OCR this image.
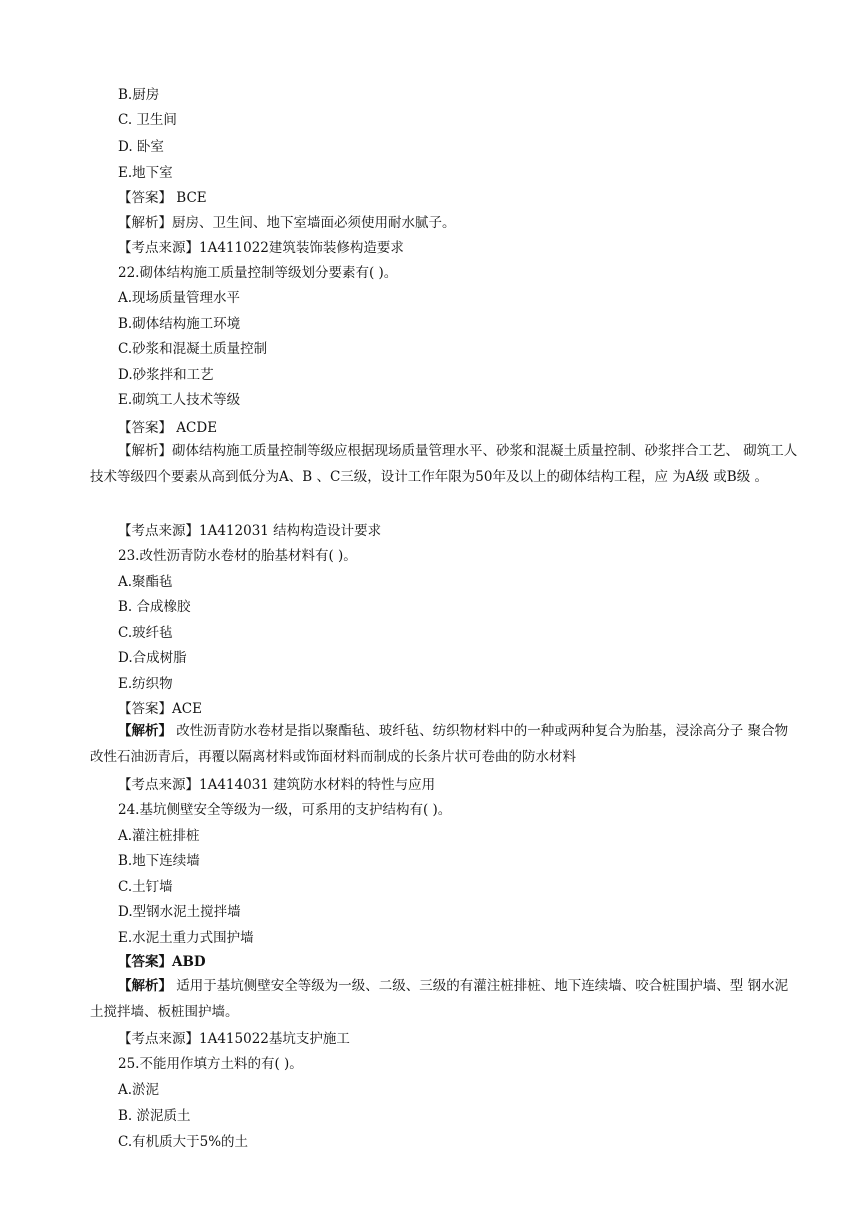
【解析】砌体结构施工质量控制等级应根据现场质量管理水平、砂浆和混凝土质量控制、砂浆拌合工艺、 砌筑工人技术等级四个要素从高到低分为A、B 、C三级，设计工作年限为50年及以上的砌体结构工程，应 为A级 或B级 。
【解析】 改性沥青防水卷材是指以聚酯毡、玻纤毡、纺织物材料中的一种或两种复合为胎基，浸涂高分子 聚合物改性石油沥青后，再覆以隔离材料或饰面材料而制成的长条片状可卷曲的防水材料
【解析】 适用于基坑侧壁安全等级为一级、二级、三级的有灌注桩排桩、地下连续墙、咬合桩围护墙、型 钢水泥土搅拌墙、板桩围护墙。
【答案】ABD
B.厨房
C. 卫生间
D. 卧室
E.地下室
【答案】 BCE
【解析】厨房、卫生间、地下室墙面必须使用耐水腻子。
【考点来源】1A411022建筑装饰装修构造要求
22.砌体结构施工质量控制等级划分要素有( )。
A.现场质量管理水平
B.砌体结构施工环境
C.砂浆和混凝土质量控制
D.砂浆拌和工艺
E.砌筑工人技术等级
【答案】 ACDE
【考点来源】1A412031 结构构造设计要求
23.改性沥青防水卷材的胎基材料有( )。
A.聚酯毡
B. 合成橡胶
C.玻纤毡
D.合成树脂
E.纺织物
【答案】ACE
【考点来源】1A414031 建筑防水材料的特性与应用
24.基坑侧壁安全等级为一级，可系用的支护结构有( )。
A.灌注桩排桩
B.地下连续墙
C.土钉墙
D.型钢水泥土搅拌墙
E.水泥土重力式围护墙
【考点来源】1A415022基坑支护施工
25.不能用作填方土料的有( )。
A.淤泥
B. 淤泥质土
C.有机质大于5%的土
